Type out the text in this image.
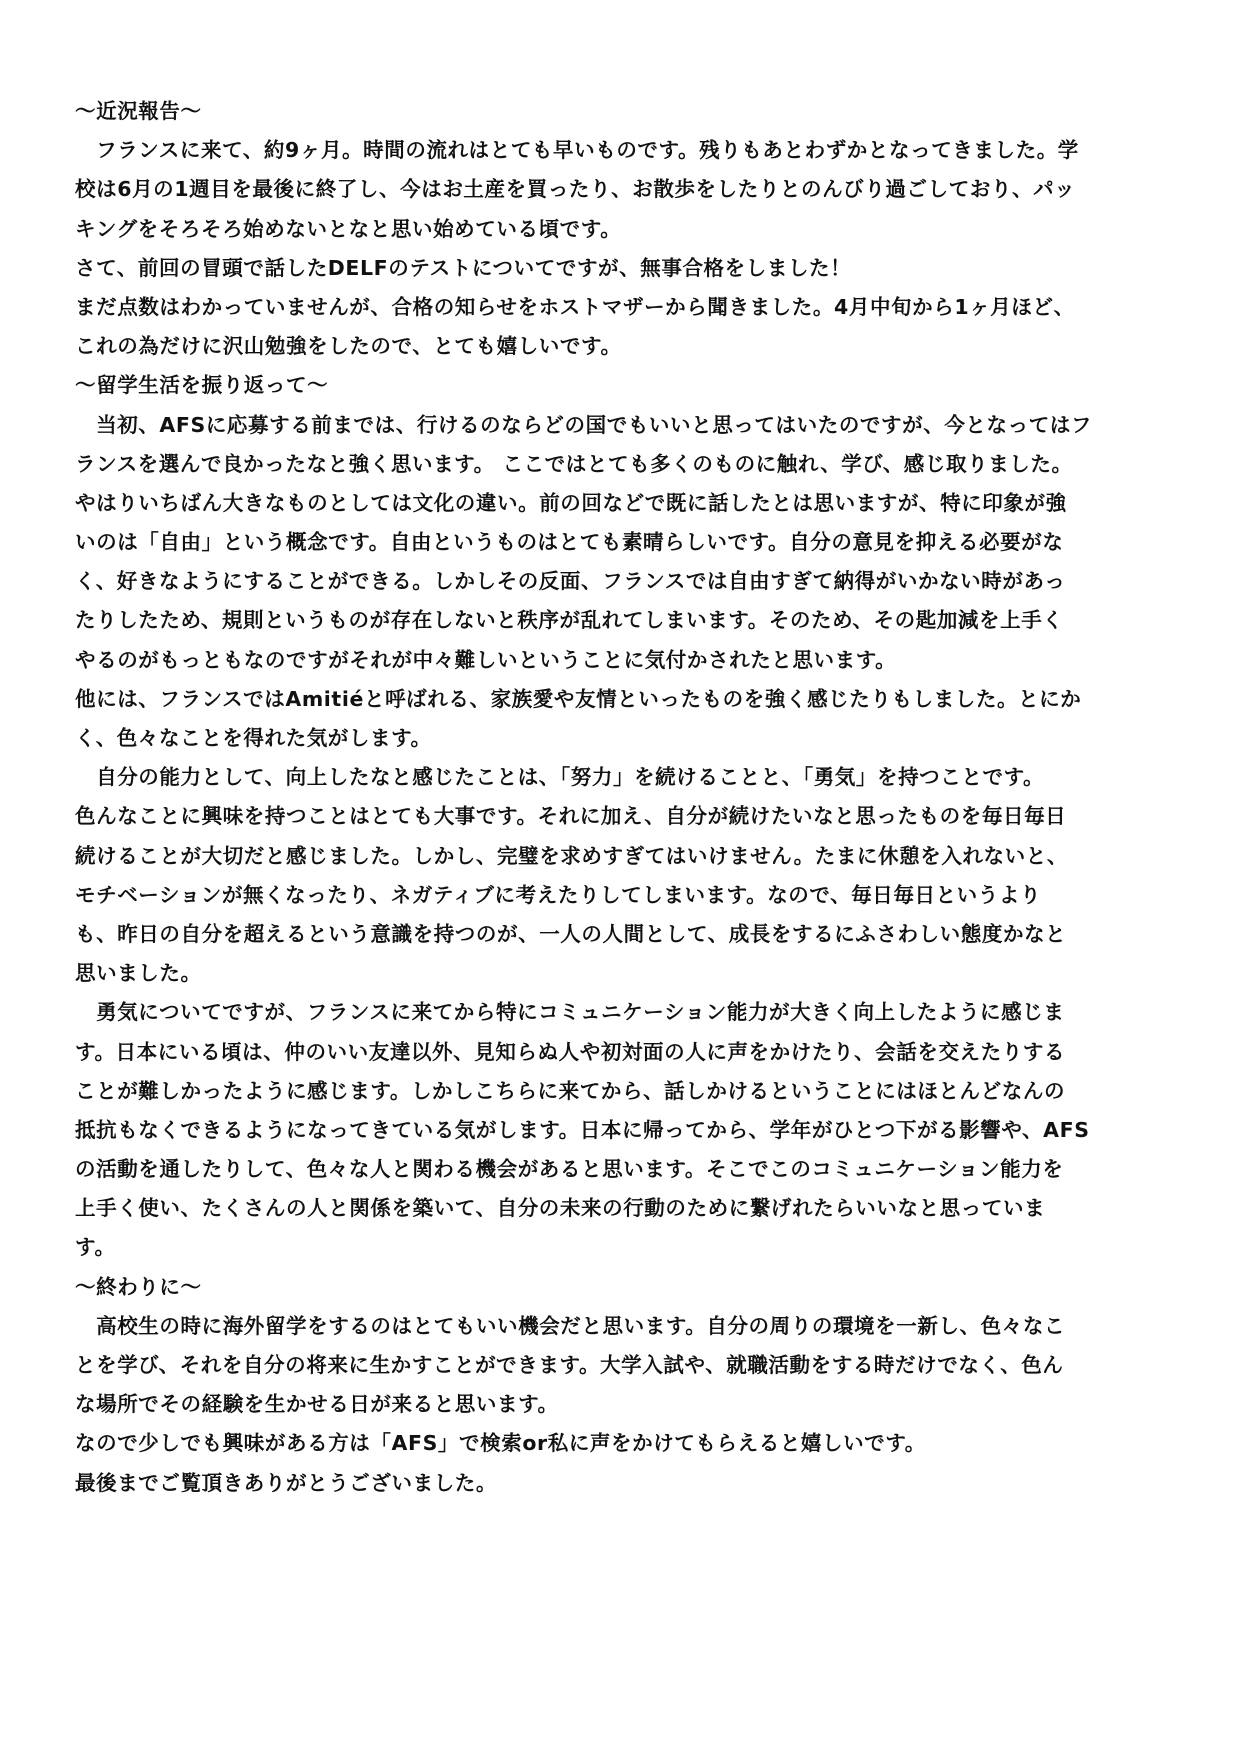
～近況報告～
　フランスに来て、約9ヶ月。時間の流れはとても早いものです。残りもあとわずかとなってきました。学
校は6月の1週目を最後に終了し、今はお土産を買ったり、お散歩をしたりとのんびり過ごしており、パッ
キングをそろそろ始めないとなと思い始めている頃です。
さて、前回の冒頭で話したDELFのテストについてですが、無事合格をしました！
まだ点数はわかっていませんが、合格の知らせをホストマザーから聞きました。4月中旬から1ヶ月ほど、
これの為だけに沢山勉強をしたので、とても嬉しいです。
～留学生活を振り返って～
　当初、AFSに応募する前までは、行けるのならどの国でもいいと思ってはいたのですが、今となってはフ
ランスを選んで良かったなと強く思います。 ここではとても多くのものに触れ、学び、感じ取りました。
やはりいちばん大きなものとしては文化の違い。前の回などで既に話したとは思いますが、特に印象が強
いのは「自由」という概念です。自由というものはとても素晴らしいです。自分の意見を抑える必要がな
く、好きなようにすることができる。しかしその反面、フランスでは自由すぎて納得がいかない時があっ
たりしたため、規則というものが存在しないと秩序が乱れてしまいます。そのため、その匙加減を上手く
やるのがもっともなのですがそれが中々難しいということに気付かされたと思います。
他には、フランスではAmitiéと呼ばれる、家族愛や友情といったものを強く感じたりもしました。とにか
く、色々なことを得れた気がします。
　自分の能力として、向上したなと感じたことは、「努力」を続けることと、「勇気」を持つことです。
色んなことに興味を持つことはとても大事です。それに加え、自分が続けたいなと思ったものを毎日毎日
続けることが大切だと感じました。しかし、完璧を求めすぎてはいけません。たまに休憩を入れないと、
モチベーションが無くなったり、ネガティブに考えたりしてしまいます。なので、毎日毎日というより
も、昨日の自分を超えるという意識を持つのが、一人の人間として、成長をするにふさわしい態度かなと
思いました。
　勇気についてですが、フランスに来てから特にコミュニケーション能力が大きく向上したように感じま
す。日本にいる頃は、仲のいい友達以外、見知らぬ人や初対面の人に声をかけたり、会話を交えたりする
ことが難しかったように感じます。しかしこちらに来てから、話しかけるということにはほとんどなんの
抵抗もなくできるようになってきている気がします。日本に帰ってから、学年がひとつ下がる影響や、AFS
の活動を通したりして、色々な人と関わる機会があると思います。そこでこのコミュニケーション能力を
上手く使い、たくさんの人と関係を築いて、自分の未来の行動のために繋げれたらいいなと思っていま
す。
～終わりに～
　高校生の時に海外留学をするのはとてもいい機会だと思います。自分の周りの環境を一新し、色々なこ
とを学び、それを自分の将来に生かすことができます。大学入試や、就職活動をする時だけでなく、色ん
な場所でその経験を生かせる日が来ると思います。
なので少しでも興味がある方は「AFS」で検索or私に声をかけてもらえると嬉しいです。
最後までご覧頂きありがとうございました。
